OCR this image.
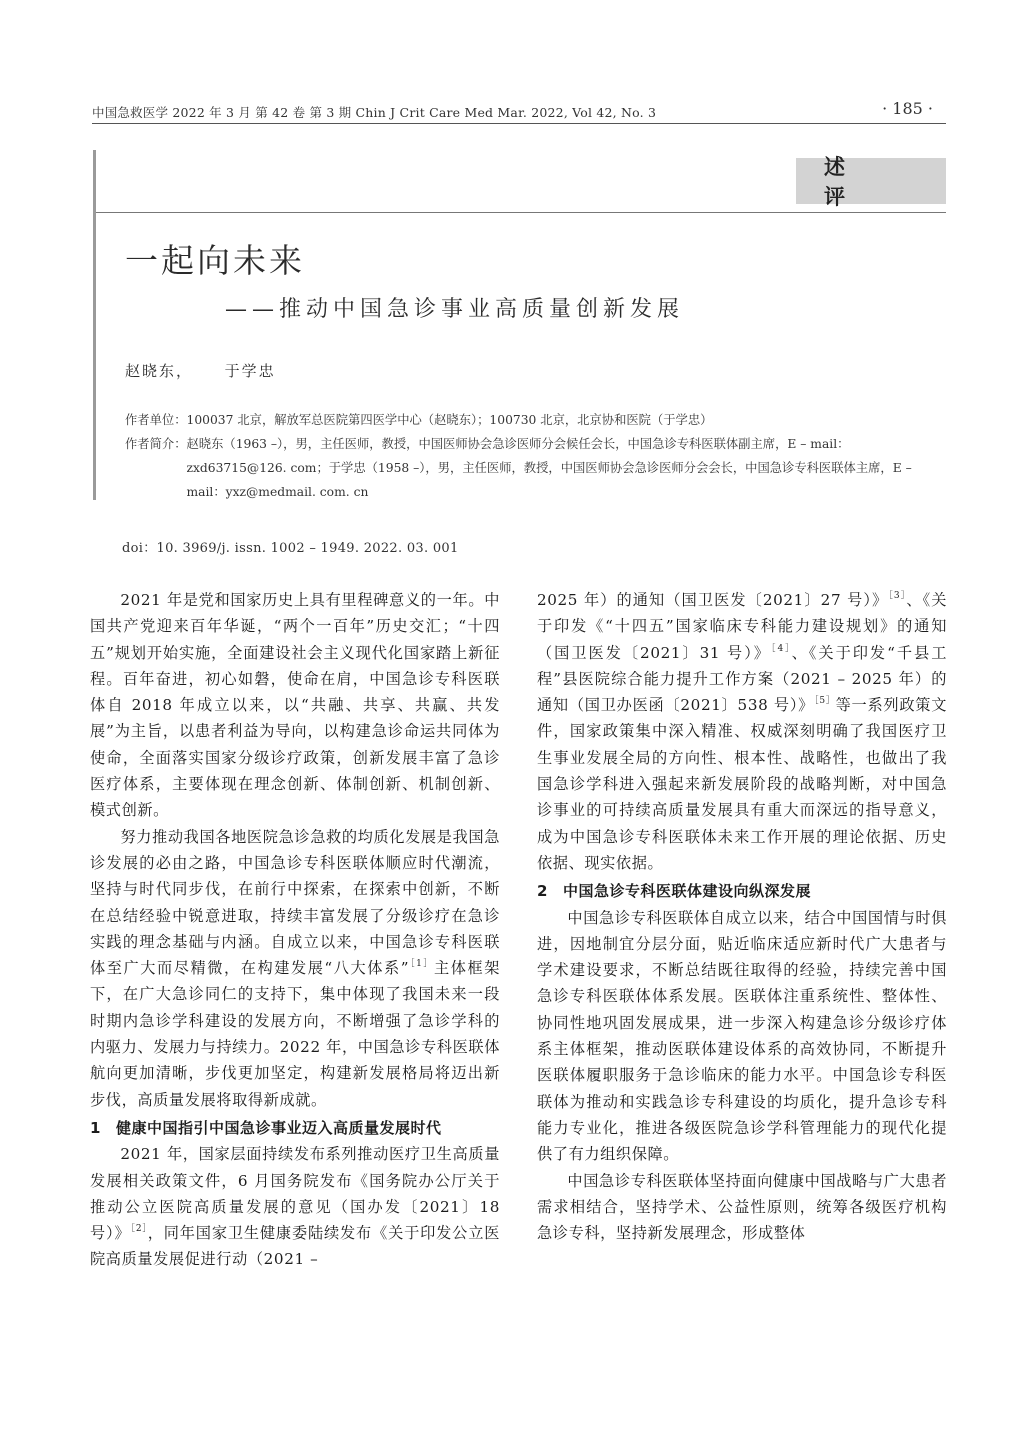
中国急救医学 2022 年 3 月 第 42 卷 第 3 期 Chin J Crit Care Med Mar. 2022, Vol 42, No. 3	· 185 ·
述 评
一起向未来
——推动中国急诊事业高质量创新发展
赵晓东， 于学忠
作者单位： 100037 北京，解放军总医院第四医学中心（赵晓东）；100730 北京，北京协和医院（于学忠）
作者简介： 赵晓东（1963 –），男，主任医师，教授，中国医师协会急诊医师分会候任会长，中国急诊专科医联体副主席，E – mail：zxd63715@126. com；于学忠（1958 –），男，主任医师，教授，中国医师协会急诊医师分会会长，中国急诊专科医联体主席，E – mail：yxz@medmail. com. cn
doi：10. 3969/j. issn. 1002 – 1949. 2022. 03. 001

2021 年是党和国家历史上具有里程碑意义的一年。中国共产党迎来百年华诞，“两个一百年”历史交汇；“十四五”规划开始实施，全面建设社会主义现代化国家踏上新征程。百年奋进，初心如磐，使命在肩，中国急诊专科医联体自 2018 年成立以来，以“共融、共享、共赢、共发展”为主旨，以患者利益为导向，以构建急诊命运共同体为使命，全面落实国家分级诊疗政策，创新发展丰富了急诊医疗体系，主要体现在理念创新、体制创新、机制创新、模式创新。

努力推动我国各地医院急诊急救的均质化发展是我国急诊发展的必由之路，中国急诊专科医联体顺应时代潮流，坚持与时代同步伐，在前行中探索，在探索中创新，不断在总结经验中锐意进取，持续丰富发展了分级诊疗在急诊实践的理念基础与内涵。自成立以来，中国急诊专科医联体至广大而尽精微，在构建发展“八大体系”$^{[1]}$主体框架下，在广大急诊同仁的支持下，集中体现了我国未来一段时期内急诊学科建设的发展方向，不断增强了急诊学科的内驱力、发展力与持续力。2022 年，中国急诊专科医联体航向更加清晰，步伐更加坚定，构建新发展格局将迈出新步伐，高质量发展将取得新成就。

1 健康中国指引中国急诊事业迈入高质量发展时代

2021 年，国家层面持续发布系列推动医疗卫生高质量发展相关政策文件，6 月国务院发布《国务院办公厅关于推动公立医院高质量发展的意见（国办发〔2021〕18 号）》$^{[2]}$，同年国家卫生健康委陆续发布《关于印发公立医院高质量发展促进行动（2021 –

2025 年）的通知（国卫医发〔2021〕27 号）》$^{[3]}$、《关于印发《“十四五”国家临床专科能力建设规划》的通知（国卫医发〔2021〕31 号）》$^{[4]}$、《关于印发“千县工程”县医院综合能力提升工作方案（2021 – 2025 年）的通知（国卫办医函〔2021〕538 号）》$^{[5]}$等一系列政策文件，国家政策集中深入精准、权威深刻明确了我国医疗卫生事业发展全局的方向性、根本性、战略性，也做出了我国急诊学科进入强起来新发展阶段的战略判断，对中国急诊事业的可持续高质量发展具有重大而深远的指导意义，成为中国急诊专科医联体未来工作开展的理论依据、历史依据、现实依据。

2 中国急诊专科医联体建设向纵深发展

中国急诊专科医联体自成立以来，结合中国国情与时俱进，因地制宜分层分面，贴近临床适应新时代广大患者与学术建设要求，不断总结既往取得的经验，持续完善中国急诊专科医联体体系发展。医联体注重系统性、整体性、协同性地巩固发展成果，进一步深入构建急诊分级诊疗体系主体框架，推动医联体建设体系的高效协同，不断提升医联体履职服务于急诊临床的能力水平。中国急诊专科医联体为推动和实践急诊专科建设的均质化，提升急诊专科能力专业化，推进各级医院急诊学科管理能力的现代化提供了有力组织保障。

中国急诊专科医联体坚持面向健康中国战略与广大患者需求相结合，坚持学术、公益性原则，统筹各级医疗机构急诊专科，坚持新发展理念，形成整体
